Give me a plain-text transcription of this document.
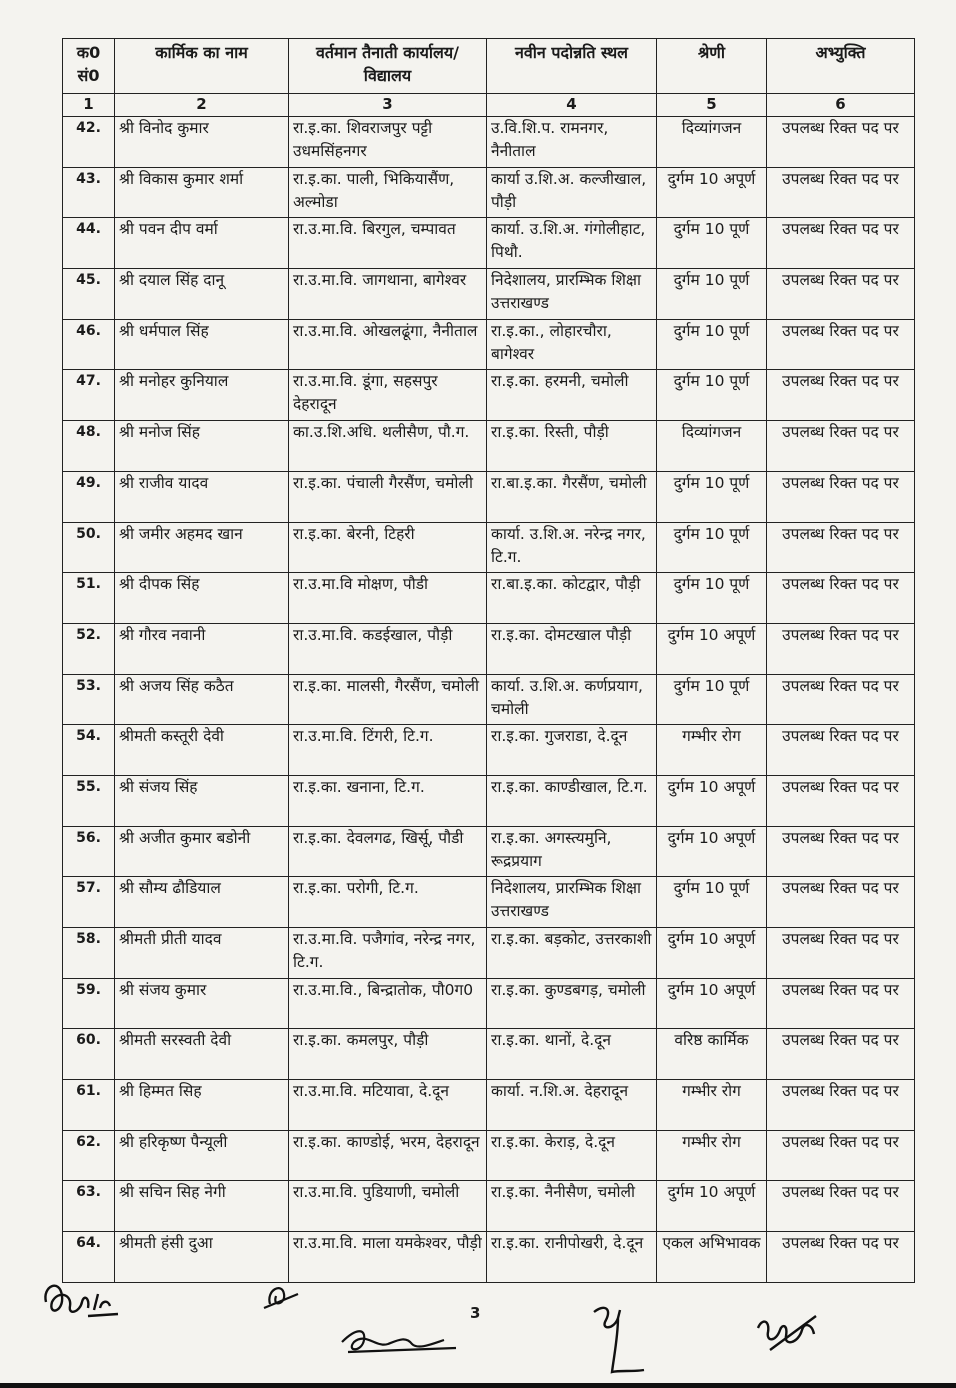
क0 सं0	कार्मिक का नाम	वर्तमान तैनाती कार्यालय/ विद्यालय	नवीन पदोन्नति स्थल	श्रेणी	अभ्युक्ति
1	2	3	4	5	6
42.	श्री विनोद कुमार	रा.इ.का. शिवराजपुर पट्टी उधमसिंहनगर	उ.वि.शि.प. रामनगर, नैनीताल	दिव्यांगजन	उपलब्ध रिक्त पद पर
43.	श्री विकास कुमार शर्मा	रा.इ.का. पाली, भिकियासैंण, अल्मोडा	कार्या उ.शि.अ. कल्जीखाल, पौड़ी	दुर्गम 10 अपूर्ण	उपलब्ध रिक्त पद पर
44.	श्री पवन दीप वर्मा	रा.उ.मा.वि. बिरगुल, चम्पावत	कार्या. उ.शि.अ. गंगोलीहाट, पिथौ.	दुर्गम 10 पूर्ण	उपलब्ध रिक्त पद पर
45.	श्री दयाल सिंह दानू	रा.उ.मा.वि. जागथाना, बागेश्वर	निदेशालय, प्रारम्भिक शिक्षा उत्तराखण्ड	दुर्गम 10 पूर्ण	उपलब्ध रिक्त पद पर
46.	श्री धर्मपाल सिंह	रा.उ.मा.वि. ओखलढूंगा, नैनीताल	रा.इ.का., लोहारचौरा, बागेश्वर	दुर्गम 10 पूर्ण	उपलब्ध रिक्त पद पर
47.	श्री मनोहर कुनियाल	रा.उ.मा.वि. डूंगा, सहसपुर देहरादून	रा.इ.का. हरमनी, चमोली	दुर्गम 10 पूर्ण	उपलब्ध रिक्त पद पर
48.	श्री मनोज सिंह	का.उ.शि.अधि. थलीसैण, पौ.ग.	रा.इ.का. रिस्ती, पौड़ी	दिव्यांगजन	उपलब्ध रिक्त पद पर
49.	श्री राजीव यादव	रा.इ.का. पंचाली गैरसैंण, चमोली	रा.बा.इ.का. गैरसैंण, चमोली	दुर्गम 10 पूर्ण	उपलब्ध रिक्त पद पर
50.	श्री जमीर अहमद खान	रा.इ.का. बेरनी, टिहरी	कार्या. उ.शि.अ. नरेन्द्र नगर, टि.ग.	दुर्गम 10 पूर्ण	उपलब्ध रिक्त पद पर
51.	श्री दीपक सिंह	रा.उ.मा.वि मोक्षण, पौडी	रा.बा.इ.का. कोटद्वार, पौड़ी	दुर्गम 10 पूर्ण	उपलब्ध रिक्त पद पर
52.	श्री गौरव नवानी	रा.उ.मा.वि. कडईखाल, पौड़ी	रा.इ.का. दोमटखाल पौड़ी	दुर्गम 10 अपूर्ण	उपलब्ध रिक्त पद पर
53.	श्री अजय सिंह कठैत	रा.इ.का. मालसी, गैरसैंण, चमोली	कार्या. उ.शि.अ. कर्णप्रयाग, चमोली	दुर्गम 10 पूर्ण	उपलब्ध रिक्त पद पर
54.	श्रीमती कस्तूरी देवी	रा.उ.मा.वि. टिंगरी, टि.ग.	रा.इ.का. गुजराडा, दे.दून	गम्भीर रोग	उपलब्ध रिक्त पद पर
55.	श्री संजय सिंह	रा.इ.का. खनाना, टि.ग.	रा.इ.का. काण्डीखाल, टि.ग.	दुर्गम 10 अपूर्ण	उपलब्ध रिक्त पद पर
56.	श्री अजीत कुमार बडोनी	रा.इ.का. देवलगढ, खिर्सू, पौडी	रा.इ.का. अगस्त्यमुनि, रूद्रप्रयाग	दुर्गम 10 अपूर्ण	उपलब्ध रिक्त पद पर
57.	श्री सौम्य ढौडियाल	रा.इ.का. परोगी, टि.ग.	निदेशालय, प्रारम्भिक शिक्षा उत्तराखण्ड	दुर्गम 10 पूर्ण	उपलब्ध रिक्त पद पर
58.	श्रीमती प्रीती यादव	रा.उ.मा.वि. पजैगांव, नरेन्द्र नगर, टि.ग.	रा.इ.का. बड़कोट, उत्तरकाशी	दुर्गम 10 अपूर्ण	उपलब्ध रिक्त पद पर
59.	श्री संजय कुमार	रा.उ.मा.वि., बिन्द्रातोक, पौ0ग0	रा.इ.का. कुण्डबगड़, चमोली	दुर्गम 10 अपूर्ण	उपलब्ध रिक्त पद पर
60.	श्रीमती सरस्वती देवी	रा.इ.का. कमलपुर, पौड़ी	रा.इ.का. थानों, दे.दून	वरिष्ठ कार्मिक	उपलब्ध रिक्त पद पर
61.	श्री हिम्मत सिह	रा.उ.मा.वि. मटियावा, दे.दून	कार्या. न.शि.अ. देहरादून	गम्भीर रोग	उपलब्ध रिक्त पद पर
62.	श्री हरिकृष्ण पैन्यूली	रा.इ.का. काण्डोई, भरम, देहरादून	रा.इ.का. केराड़, दे.दून	गम्भीर रोग	उपलब्ध रिक्त पद पर
63.	श्री सचिन सिह नेगी	रा.उ.मा.वि. पुडियाणी, चमोली	रा.इ.का. नैनीसैण, चमोली	दुर्गम 10 अपूर्ण	उपलब्ध रिक्त पद पर
64.	श्रीमती हंसी दुआ	रा.उ.मा.वि. माला यमकेश्वर, पौड़ी	रा.इ.का. रानीपोखरी, दे.दून	एकल अभिभावक	उपलब्ध रिक्त पद पर
3
